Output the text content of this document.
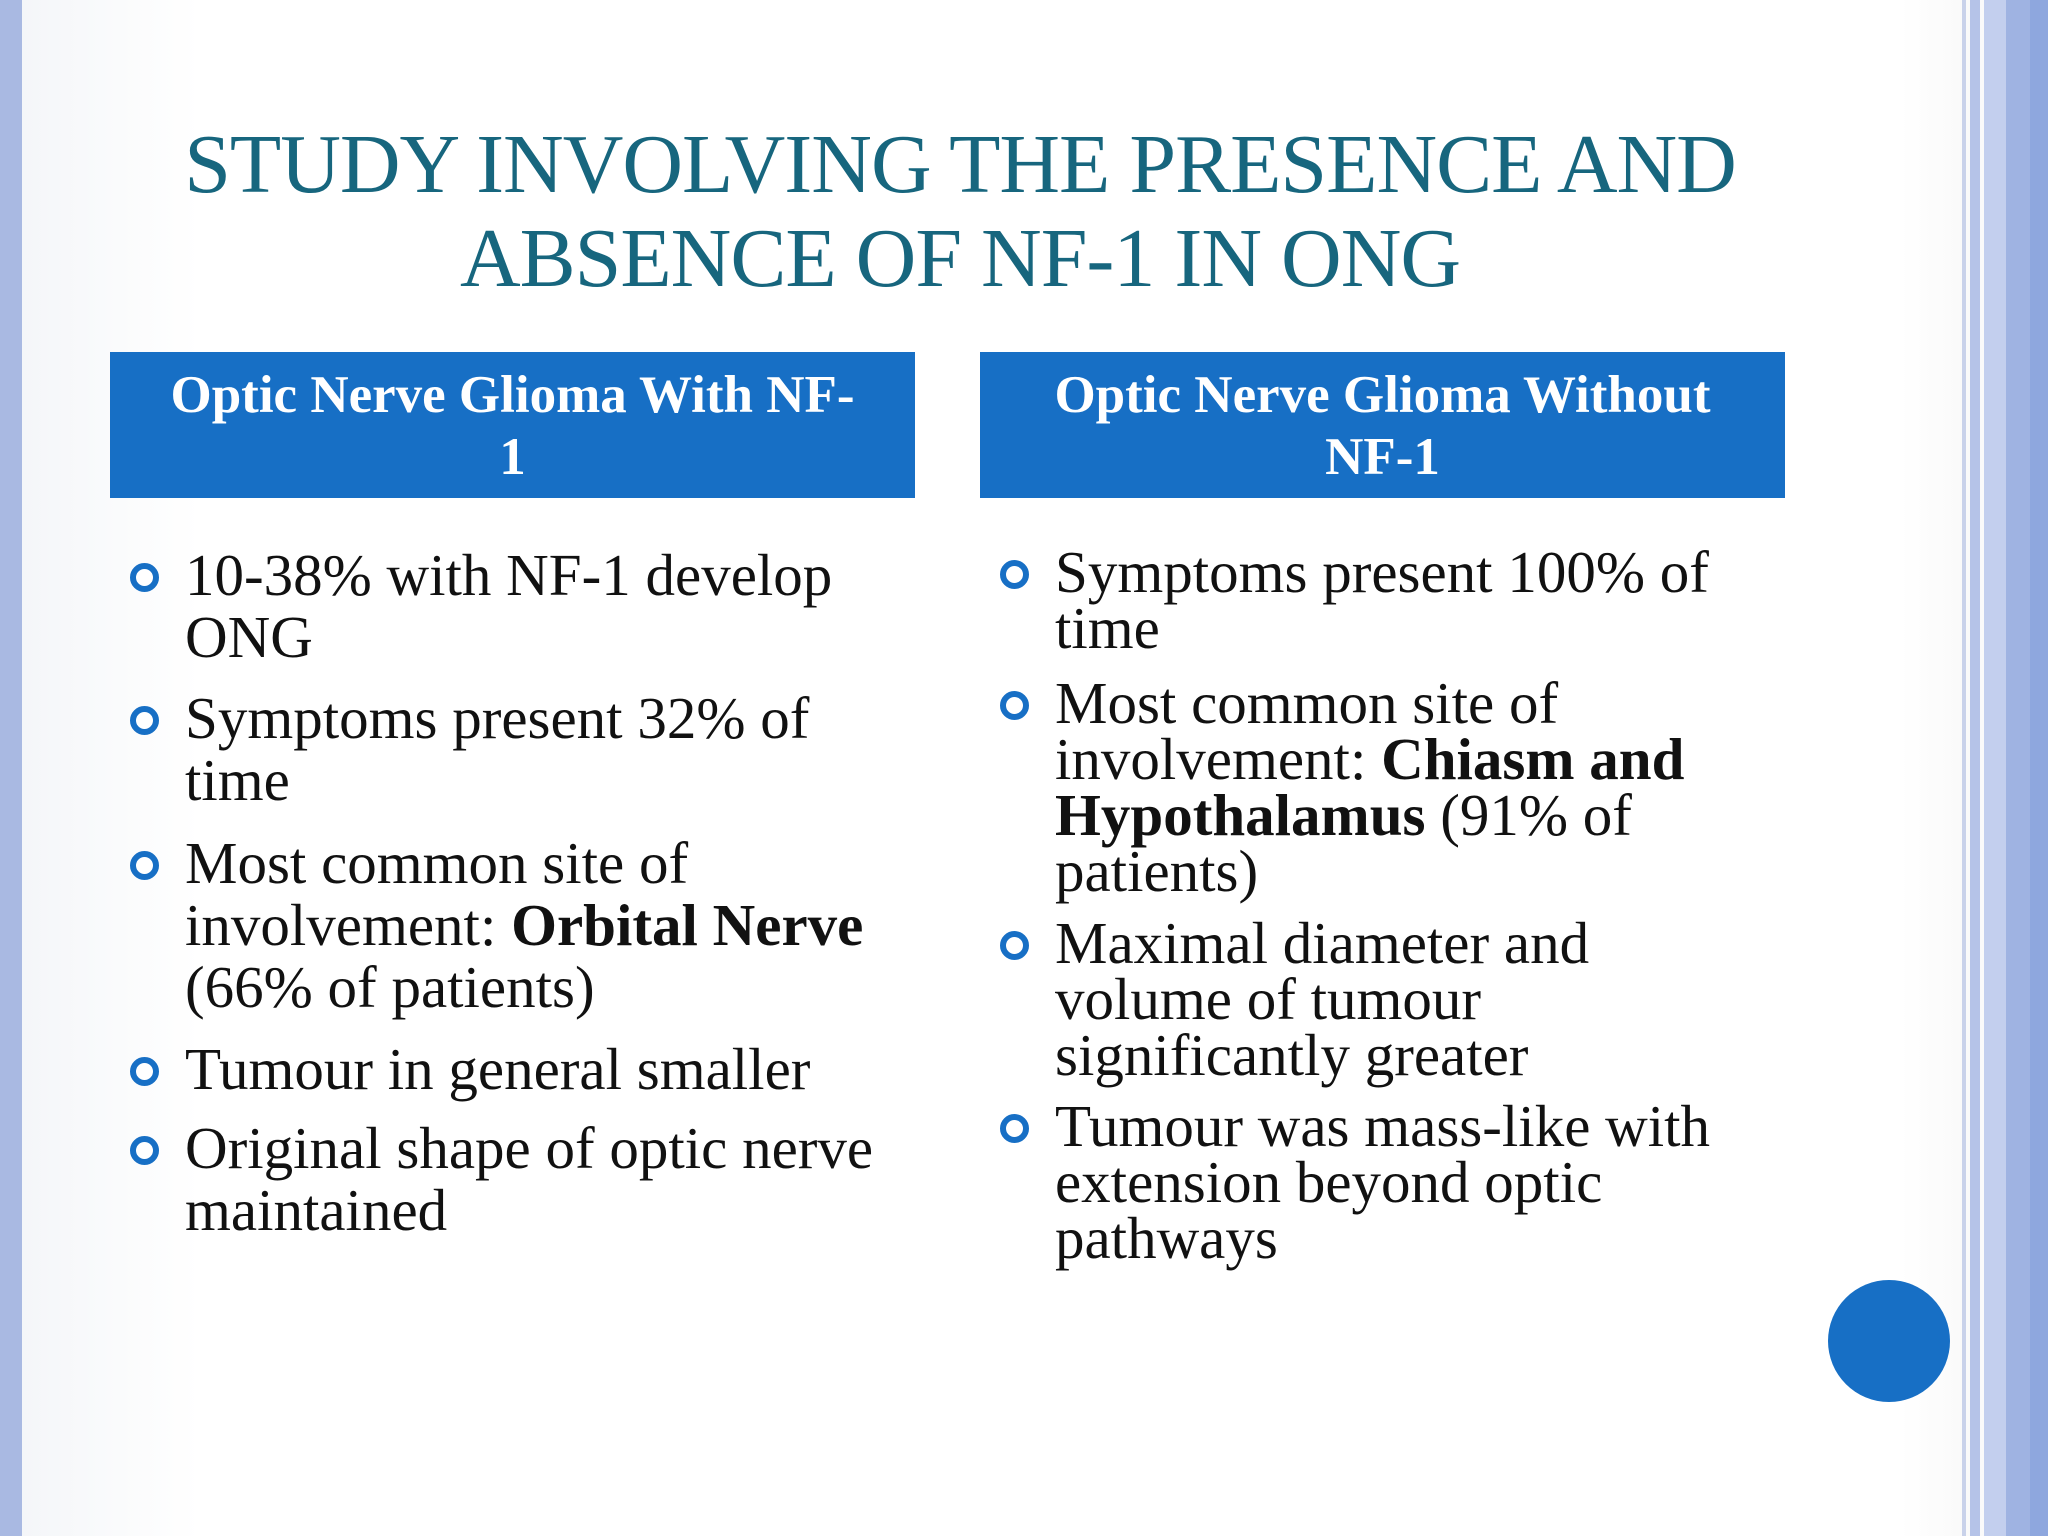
STUDY INVOLVING THE PRESENCE AND
ABSENCE OF NF-1 IN ONG
Optic Nerve Glioma With NF-
1
Optic Nerve Glioma Without
NF-1
10-38% with NF-1 develop
ONG
Symptoms present 32% of
time
Most common site of
involvement: Orbital Nerve
(66% of patients)
Tumour in general smaller
Original shape of optic nerve
maintained
Symptoms present 100% of
time
Most common site of
involvement: Chiasm and
Hypothalamus (91% of
patients)
Maximal diameter and
volume of tumour
significantly greater
Tumour was mass-like with
extension beyond optic
pathways
